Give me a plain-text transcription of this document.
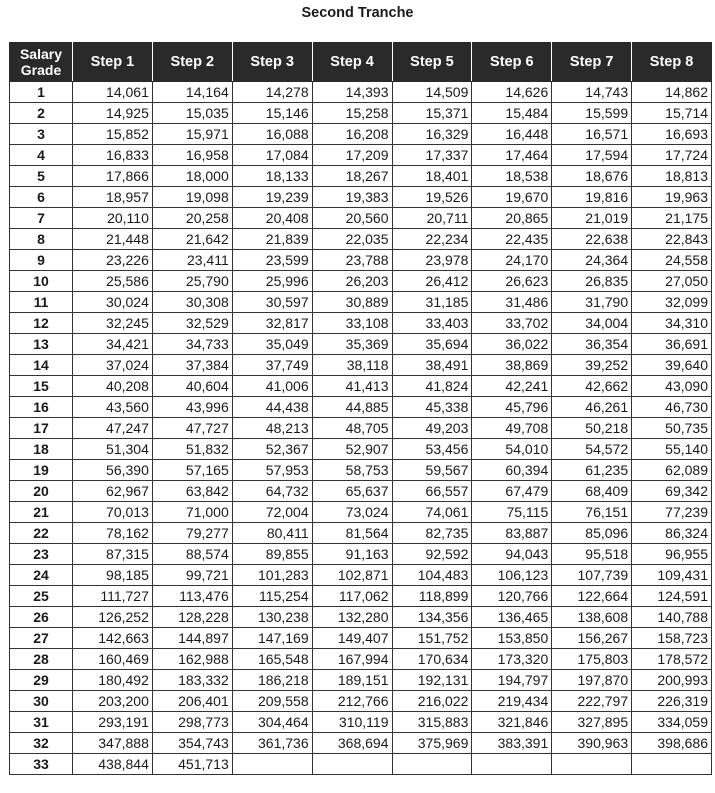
Second Tranche
Salary
Grade	Step 1	Step 2	Step 3	Step 4	Step 5	Step 6	Step 7	Step 8
1	14,061	14,164	14,278	14,393	14,509	14,626	14,743	14,862
2	14,925	15,035	15,146	15,258	15,371	15,484	15,599	15,714
3	15,852	15,971	16,088	16,208	16,329	16,448	16,571	16,693
4	16,833	16,958	17,084	17,209	17,337	17,464	17,594	17,724
5	17,866	18,000	18,133	18,267	18,401	18,538	18,676	18,813
6	18,957	19,098	19,239	19,383	19,526	19,670	19,816	19,963
7	20,110	20,258	20,408	20,560	20,711	20,865	21,019	21,175
8	21,448	21,642	21,839	22,035	22,234	22,435	22,638	22,843
9	23,226	23,411	23,599	23,788	23,978	24,170	24,364	24,558
10	25,586	25,790	25,996	26,203	26,412	26,623	26,835	27,050
11	30,024	30,308	30,597	30,889	31,185	31,486	31,790	32,099
12	32,245	32,529	32,817	33,108	33,403	33,702	34,004	34,310
13	34,421	34,733	35,049	35,369	35,694	36,022	36,354	36,691
14	37,024	37,384	37,749	38,118	38,491	38,869	39,252	39,640
15	40,208	40,604	41,006	41,413	41,824	42,241	42,662	43,090
16	43,560	43,996	44,438	44,885	45,338	45,796	46,261	46,730
17	47,247	47,727	48,213	48,705	49,203	49,708	50,218	50,735
18	51,304	51,832	52,367	52,907	53,456	54,010	54,572	55,140
19	56,390	57,165	57,953	58,753	59,567	60,394	61,235	62,089
20	62,967	63,842	64,732	65,637	66,557	67,479	68,409	69,342
21	70,013	71,000	72,004	73,024	74,061	75,115	76,151	77,239
22	78,162	79,277	80,411	81,564	82,735	83,887	85,096	86,324
23	87,315	88,574	89,855	91,163	92,592	94,043	95,518	96,955
24	98,185	99,721	101,283	102,871	104,483	106,123	107,739	109,431
25	111,727	113,476	115,254	117,062	118,899	120,766	122,664	124,591
26	126,252	128,228	130,238	132,280	134,356	136,465	138,608	140,788
27	142,663	144,897	147,169	149,407	151,752	153,850	156,267	158,723
28	160,469	162,988	165,548	167,994	170,634	173,320	175,803	178,572
29	180,492	183,332	186,218	189,151	192,131	194,797	197,870	200,993
30	203,200	206,401	209,558	212,766	216,022	219,434	222,797	226,319
31	293,191	298,773	304,464	310,119	315,883	321,846	327,895	334,059
32	347,888	354,743	361,736	368,694	375,969	383,391	390,963	398,686
33	438,844	451,713						
